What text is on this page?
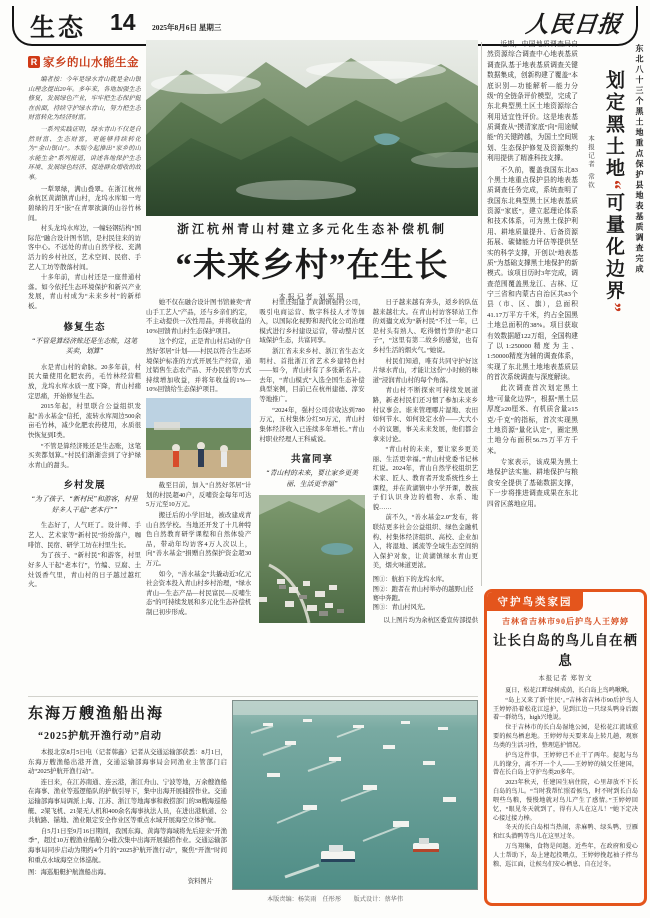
生态 14 2025年8月6日 星期三	人民日报
R 家乡的山水能生金

编者按：今年是绿水青山就是金山银山理念提出20年。多年来，各地加强生态修复，发展绿色产业，牢牢把生态保护挺在前面，持续守护绿水青山，努力把生态财富转化为经济财富。

一系列实践证明，绿水青山不仅是自然财富、生态财富，更能够持续转化为“金山银山”。本版今起推出“家乡的山水能生金”系列报道，讲述各地保护生态环境、发展绿色经济、促进群众增收的故事。

一犁翠绿，满山叠翠。在浙江杭州余杭区黄湖镇青山村，龙坞水库如一弯碧绿的月牙“嵌”在青翠欲滴的山谷竹林间。

村头龙坞水库边，一幢轻钢结构“国际范”融合设计图书馆，是村民往来的访客中心。不远处的青山自然学校、充满活力的乡村社区，艺术空间、民宿、手艺人工坊等散落村间。

十多年前，青山村还是一座普通村落。如今依托生态环境保护和新兴产业发展，青山村成为“未来乡村”的新样板。

修复生态
“不管是算经济账还是生态账，这笔买卖，划算”

水是青山村的命脉。20多年前，村民大量使用化肥农药，毛竹林经营粗放，龙坞水库水质一度下降，青山村痛定思痛，开始修复生态。

2015年起，村里联合公益组织发起“善水基金”信托，流转水库周边500余亩毛竹林，减少化肥农药使用，水质很快恢复到Ⅰ类。

“不管是算经济账还是生态账，这笔买卖都划算。”村民们渐渐尝到了守护绿水青山的甜头。

乡村发展
“为了孩子、“新村民”和游客，村里好多人干起“老本行””

生态好了，人气旺了。设计师、手艺人、艺术家等“新村民”纷纷落户，咖啡馆、民宿、研学工坊在村里生长。

为了孩子、“新村民”和游客，村里好多人干起“老本行”，竹编、豆腐、土灶饭香气里，青山村的日子越过越红火。

浙江杭州青山村建立多元化生态补偿机制
“未来乡村”在生长
本报记者 刘军国

她不仅在融合设计图书馆兼卖“青山手工艺人”产品，还与乡亲们约定，不主动提供一次性用品，并将收益的10%回馈青山村生态保护项目。

这个约定，正是青山村启动的“自然好邻居”计划——村民以符合生态环境保护标准的方式开展生产经营，通过销售生态农产品、开办民宿等方式持续增加收益，并将年收益的1%—10%回馈给生态保护项目。

截至目前，加入“自然好邻居”计划的村民超40户，反哺资金每年可达5万元至10万元。

搬迁后的小学旧址，被改建成青山自然学校。当地还开发了十几种特色自然教育研学课程和自然体验产品，带动年均访客4万人次以上，向“善水基金”捐赠自然保护资金超30万元。

如今，“善水基金”共撬动近3亿元社会资本投入青山村乡村治理，“绿水青山—生态产品—村民富民—反哺生态”的可持续发展和多元化生态补偿机制已初步形成。

村里还组建了黄湖镇强村公司，吸引电商运营、数字科技人才等加入，以国际化视野和现代化公司治理模式进行乡村建设运营，带动整片区域保护生态，共富同享。

浙江省未来乡村、浙江省生态文明村、首批浙江省艺术乡建特色村——如今，青山村有了多张新名片。去年，“青山模式”入选全国生态补偿典型案例，目前已在杭州建德、淳安等地推广。

“2024年，强村公司营收达到780万元，五村集体分红50万元，青山村集体经济收入已连续多年增长。”青山村职业经理人王科威说。

共富同享
“青山村的未来，要让家乡更美丽、生活更幸福”

日子越来越有奔头，返乡的队伍越来越壮大。在青山村访客驿站工作的刘孻文成为“新村民”不过一年，已是村头有熟人、吃得惯竹笋的“老口子”，“这里有第二故乡的感觉，也有乡村生活的烟火气。”她说。

村民们知道，唯有共同守护好这片绿水青山，才能让这份“小时候的味道”浸润青山村的每个角落。

青山村不断探索可持续发展道路，新老村民们还习惯了参加未来乡村议事会。谁来管理哪片湿地、农田如何节水、如何设定水价——大大小小的议题，事关未来发展，他们都会拿来讨论。

“青山村的未来，要让家乡更美丽、生活更幸福。”青山村党委书记林红说。2024年，青山自然学校组织艺术家、匠人、教育者开发系统性乡土课程，并在黄湖镇中小学开课，教孩子们认识身边的植物、水系、地貌……

前不久，“善水基金2.0”发布，将联结更多社会公益组织、绿色金融机构、村集体经济组织、高校、企业加入，将湿地、溪流等全域生态空间纳入保护对象，让黄湖镇绿水青山更美，烟火味道更浓。

图①：航拍下的龙坞水库。

图②：跑者在青山村举办的越野山径赛中奔跑。

图③：青山村风光。

以上图片均为余杭区委宣传部提供

近期，中国地质调查局自然资源综合调查中心地表基质调查队基于地表基质调查关键数据集成，创新构建了覆盖“本底识别—功能解析—能力分级”的全链条评价模型，完成了东北典型黑土区土地资源综合利用适宜性评价。这是地表基质调查从“摸清家底”向“用途赋能”的关键跨越，为国土空间规划、生态保护修复及资源集约利用提供了精准科技支撑。

不久前，覆盖我国东北83个黑土地重点保护县的地表基质调查任务完成，系统查明了我国东北典型黑土区地表基质资源“家底”，建立起理论体系和技术体系，可为黑土保护利用、耕地质量提升、后备资源拓展、碳储能力评估等提供坚实的科学支撑，开创以“地表基质”为基础支撑黑土地保护的新模式。该项目历时3年完成，调查范围覆盖黑龙江、吉林、辽宁三省和内蒙古自治区共83个县（市、区、旗），总面积41.17万平方千米，约占全国黑土地总面积的38%。项目获取有效数据超122万组，全国构建了以1:250000精度为主、1:50000精度为辅的调查体系，实现了东北黑土地地表基质层的首次系统调查与深度解读。

此次调查首次划定黑土地“可量化边界”，根据“黑土层厚度≥20厘米、有机质含量≥15克/千克”的指标，首次实现黑土地资源“量化认定”，圈定黑土地分布面积56.75万平方千米。

专家表示，该成果为黑土地保护法实施、耕地保护与粮食安全提供了基础数据支撑，下一步将推进调查成果在东北四省区落地应用。

本报记者 常钦 划定黑土地“可量化边界”
东北八十三个黑土地重点保护县地表基质调查完成
守护鸟类家园
吉林省吉林市90后护鸟人王婷婷
让长白岛的鸟儿自在栖息
本报记者 郑智文

夏日，松花江畔绿树成荫，长白岛上鸟鸣啾啾。

“岛上又来了新‘住民’。”吉林省吉林市90后护鸟人王婷婷沿着松花江巡护，见到江边一只绿头鸭身后跟着一群幼鸟，high兴地说。

位于吉林市的长白岛湿地公园，是松花江流域重要的候鸟栖息地。王婷婷每天要来岛上转几趟，观察鸟类的生活习性，整理巡护情况。

护鸟这件事，王婷婷已不止干了两年。提起与鸟儿的缘分，离不开一个人——王婷婷的姨父任建国，曾在长白岛上守护鸟类20多年。

2023年秋天，任建国生病住院，心里却放不下长白岛的鸟儿。“当时我帮忙照看候鸟，时不时到长白岛喂些鸟粮，慢慢地就对鸟儿产生了感情。”王婷婷回忆，“眼见冬天就到了，得有人儿在这儿！”她下定决心接过接力棒。

冬天的长白岛相当热闹，赤麻鸭、绿头鸭、豆雁和红头潜鸭等鸟儿在这里过冬。

万鸟翔集，食物是问题。近些年，在政府和爱心人士帮助下，岛上建起投喂点，王婷婷挽起袖子拌鸟粮、巡江面，让候鸟们安心栖息、自在过冬。

东海万艘渔船出海
“2025护航开渔行动”启动

本报北京8月5日电（记者韩鑫）记者从交通运输部获悉：8月1日，东海万艘渔船出港开渔，交通运输部海事局会同渔业主管部门启动“2025护航开渔行动”。

连日来，在江苏南通、连云港，浙江舟山、宁波等地，万余艘渔船在海事、渔业等巡逻船队的护航引导下，集中出海开展捕捞作业。交通运输部海事局调派上海、江苏、浙江等地海事和救捞部门的38艘海巡船艇、2架飞机、21架无人机和400余名海事执法人员，在进出港航道、公共航路、锚地、渔业限定安全作业区等重点水域开展海空立体护航。

自5月1日至9月16日期间，我国东海、黄海等海域将先后迎来“开渔季”，超过10万艘渔业船舶分4批次集中出海开展捕捞作业。交通运输部海事局同步启动为期约4个月的“2025护航开渔行动”，聚焦“开渔”时间和重点水域海空立体巡航。

图：海巡船艇护航渔船出海。

资料图片

本版责编：杨笑雨　任彤彤　　版式设计：蔡华伟
